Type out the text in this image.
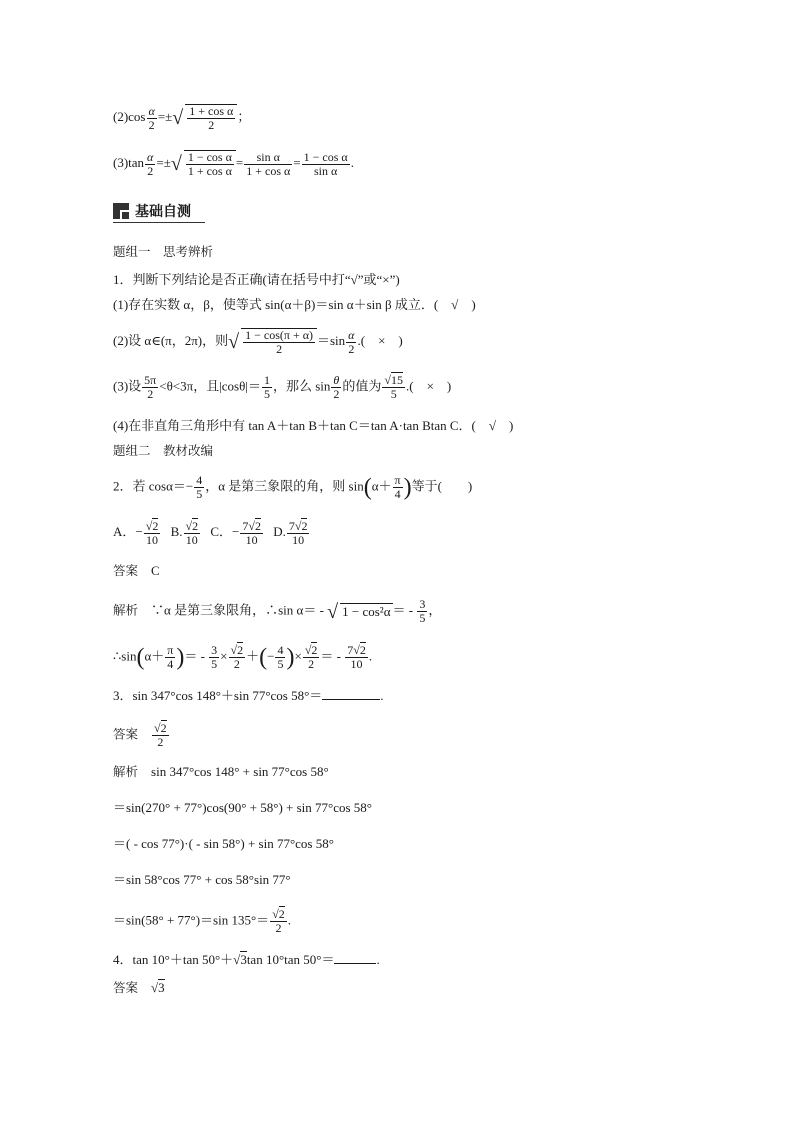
$(2)\cos \frac{\alpha}{2}$ =±√ $\frac{\text{1 + cos α}}{2}$ ；
$(3)\tan \frac{\alpha}{2}$ =±√ $\frac{\text{1 − cos α}}{\text{1 + cos α}} = \frac{\text{sin α}}{\text{1 + cos α}} = \frac{\text{1 − cos α}}{\text{sin α}}$ .
基础自测
题组一　思考辨析
1．判断下列结论是否正确(请在括号中打“√”或“×”)
(1)存在实数 α，β，使等式 sin(α＋β)＝sin α＋sin β 成立．(　√　)
(2)设 α∈(π，2π)，则√ $\frac{1 - \cos(\pi + \alpha)}{2} =\sin \frac{\alpha}{2}$ .(　×　)
(3)设 $\frac{5\pi}{2} <\theta<3\pi$，且$|\cos\theta|= \frac{1}{5}$ ，那么 $\sin \frac{\theta}{2}$ 的值为 $\frac{√15}{5}$ .(　×　)
(4)在非直角三角形中有 tan A＋tan B＋tan C＝tan A·tan Btan C．(　√　)
题组二　教材改编
2．若 $\cos\alpha=- \frac{4}{5}$ ，α 是第三象限的角，则 $\sin(\alpha+ \frac{\pi}{4}$ )等于(　　)
A．− $\frac{√2}{10} B$. $\frac{√2}{10}$ C．− $\frac{7√2}{10} D$. $\frac{7√2}{10}$
答案　 C
解析　 ∵α 是第三象限角，∴sin α＝ - √ 1 − cos²α ＝ - $\frac{3}{5}$ ，
∴sin(α＋ $\frac{\pi}{4}$ )＝ - $\frac{3}{5} \times \frac{√2}{2}$ ＋(− $\frac{4}{5}$ )× $\frac{√2}{2}$ ＝ - $\frac{7√2}{10}$ .
3．sin 347°cos 148°＋sin 77°cos 58°＝	.
答案　 $\frac{√2}{2}$
解析　 sin 347°cos 148° + sin 77°cos 58°
＝sin(270° + 77°)cos(90° + 58°) + sin 77°cos 58°
＝( - cos 77°)·( - sin 58°) + sin 77°cos 58°
＝sin 58°cos 77° + cos 58°sin 77°
＝sin(58° + 77°)＝sin $135^\circ= \frac{√2}{2}$ .
4．tan 10°＋tan 50°＋√3tan 10°tan 50°＝	.
答案　√3
